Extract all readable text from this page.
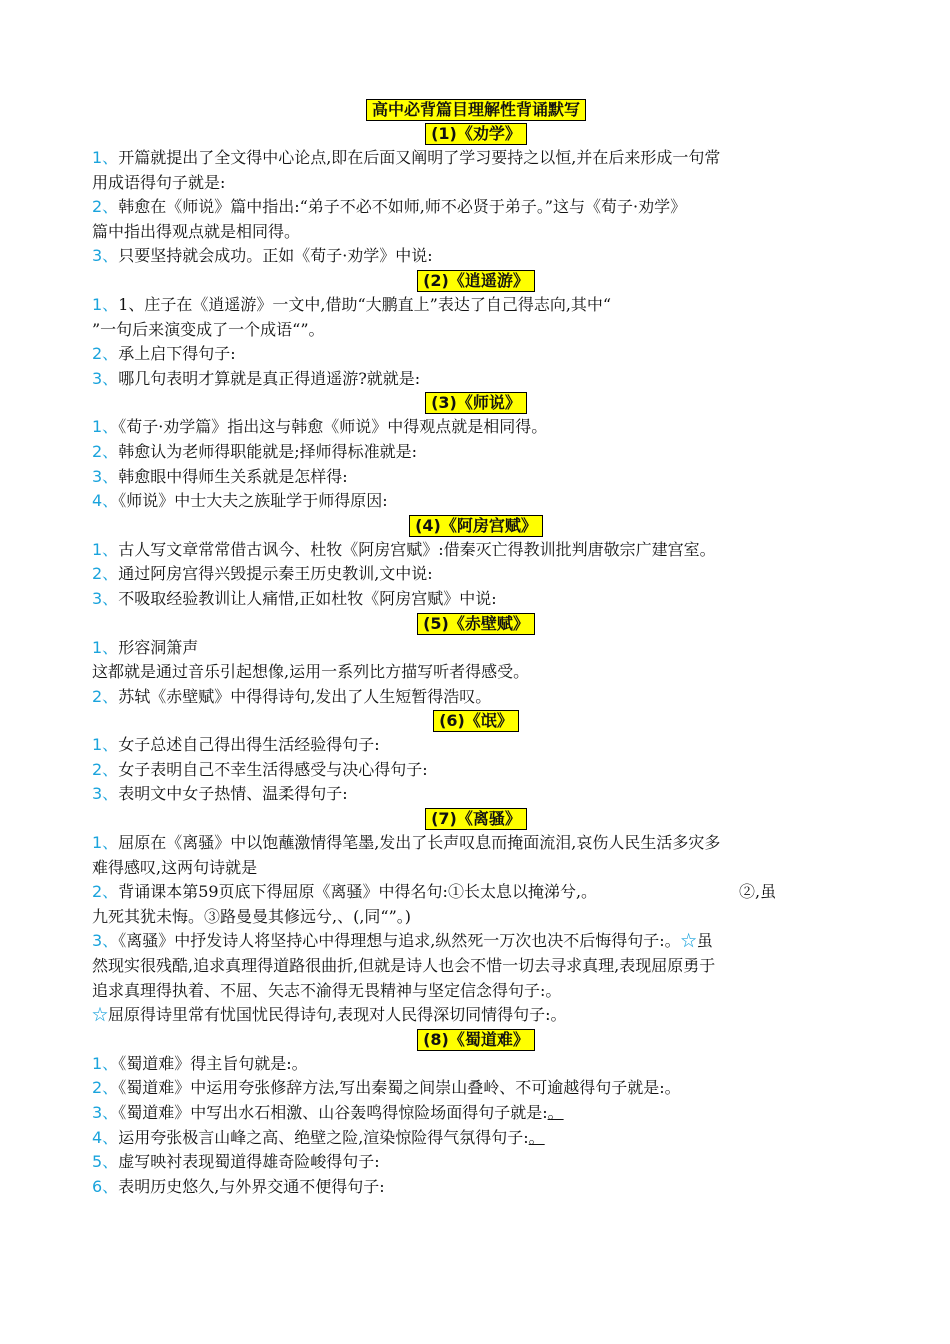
高中必背篇目理解性背诵默写
(1)《劝学》
1、开篇就提出了全文得中心论点,即在后面又阐明了学习要持之以恒,并在后来形成一句常
用成语得句子就是:
2、韩愈在《师说》篇中指出:“弟子不必不如师,师不必贤于弟子。”这与《荀子·劝学》
篇中指出得观点就是相同得。
3、只要坚持就会成功。正如《荀子·劝学》中说:
(2)《逍遥游》
1、1、庄子在《逍遥游》一文中,借助“大鹏直上”表达了自己得志向,其中“
”一句后来演变成了一个成语“”。
2、承上启下得句子:
3、哪几句表明才算就是真正得逍遥游?就就是:
(3)《师说》
1、《荀子·劝学篇》指出这与韩愈《师说》中得观点就是相同得。
2、韩愈认为老师得职能就是;择师得标准就是:
3、韩愈眼中得师生关系就是怎样得:
4、《师说》中士大夫之族耻学于师得原因:
(4)《阿房宫赋》
1、古人写文章常常借古讽今、杜牧《阿房宫赋》:借秦灭亡得教训批判唐敬宗广建宫室。
2、通过阿房宫得兴毁提示秦王历史教训,文中说:
3、不吸取经验教训让人痛惜,正如杜牧《阿房宫赋》中说:
(5)《赤壁赋》
1、形容洞箫声
这都就是通过音乐引起想像,运用一系列比方描写听者得感受。
2、苏轼《赤壁赋》中得得诗句,发出了人生短暂得浩叹。
(6)《氓》
1、女子总述自己得出得生活经验得句子:
2、女子表明自己不幸生活得感受与决心得句子:
3、表明文中女子热情、温柔得句子:
(7)《离骚》
1、屈原在《离骚》中以饱蘸激情得笔墨,发出了长声叹息而掩面流泪,哀伤人民生活多灾多
难得感叹,这两句诗就是
2、背诵课本第59页底下得屈原《离骚》中得名句:①长太息以掩涕兮,。	②,虽
九死其犹未悔。③路曼曼其修远兮,、(,同“”。)
3、《离骚》中抒发诗人将坚持心中得理想与追求,纵然死一万次也决不后悔得句子:。☆虽
然现实很残酷,追求真理得道路很曲折,但就是诗人也会不惜一切去寻求真理,表现屈原勇于
追求真理得执着、不屈、矢志不渝得无畏精神与坚定信念得句子:。
☆屈原得诗里常有忧国忧民得诗句,表现对人民得深切同情得句子:。
(8)《蜀道难》
1、《蜀道难》得主旨句就是:。
2、《蜀道难》中运用夸张修辞方法,写出秦蜀之间崇山叠岭、不可逾越得句子就是:。
3、《蜀道难》中写出水石相激、山谷轰鸣得惊险场面得句子就是:。
4、运用夸张极言山峰之高、绝壁之险,渲染惊险得气氛得句子:。
5、虚写映衬表现蜀道得雄奇险峻得句子:
6、表明历史悠久,与外界交通不便得句子:
